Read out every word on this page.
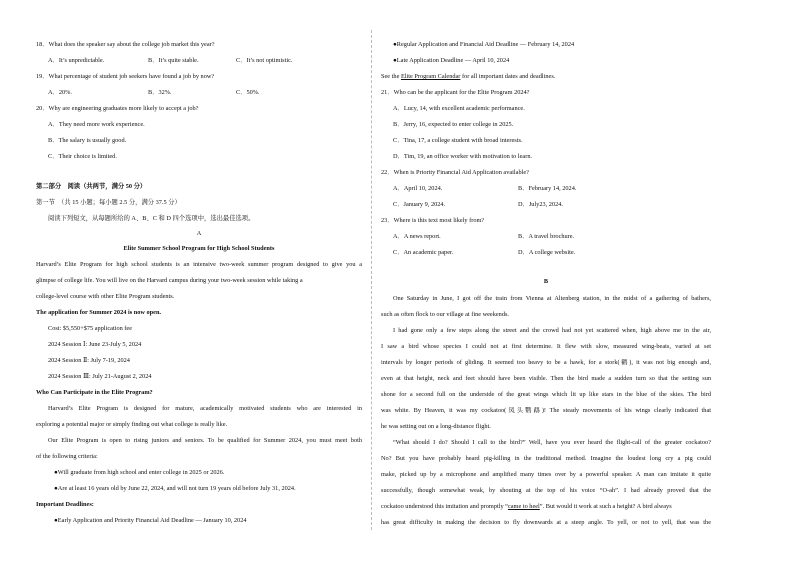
18．What does the speaker say about the college job market this year?
A．It’s unpredictable.	B．It’s quite stable.	C．It’s not optimistic.
19．What percentage of student job seekers have found a job by now?
A．20%.	B．32%.	C．50%.
20．Why are engineering graduates more likely to accept a job?
A．They need more work experience.
B．The salary is usually good.
C．Their choice is limited.
第二部分　阅读（共两节，满分 50 分）
第一节　（共 15 小题；每小题 2.5 分，满分 37.5 分）
阅读下列短文，从每题所给的 A、B、C 和 D 四个选项中，选出最佳选项。
A
Elite Summer School Program for High School Students
Harvard’s Elite Program for high school students is an intensive two-week summer program designed to give you a
glimpse of college life. You will live on the Harvard campus during your two-week session while taking a
college-level course with other Elite Program students.
The application for Summer 2024 is now open.
Cost: $5,550+$75 application fee
2024 Session Ⅰ: June 23-July 5, 2024
2024 Session Ⅱ: July 7-19, 2024
2024 Session Ⅲ: July 21-August 2, 2024
Who Can Participate in the Elite Program?
Harvard’s Elite Program is designed for mature, academically motivated students who are interested in
exploring a potential major or simply finding out what college is really like.
Our Elite Program is open to rising juniors and seniors. To be qualified for Summer 2024, you must meet both
of the following criteria:
●Will graduate from high school and enter college in 2025 or 2026.
●Are at least 16 years old by June 22, 2024, and will not turn 19 years old before July 31, 2024.
Important Deadlines:
●Early Application and Priority Financial Aid Deadline — January 10, 2024
●Regular Application and Financial Aid Deadline — February 14, 2024
●Late Application Deadline — April 10, 2024
See the Elite Program Calendar for all important dates and deadlines.
21．Who can be the applicant for the Elite Program 2024?
A．Lucy, 14, with excellent academic performance.
B．Jerry, 16, expected to enter college in 2025.
C．Tina, 17, a college student with broad interests.
D．Tim, 19, an office worker with motivation to learn.
22．When is Priority Financial Aid Application available?
A．April 10, 2024.	B．February 14, 2024.
C．January 9, 2024.	D．July23, 2024.
23．Where is this text most likely from?
A．A news report.	B．A travel brochure.
C．An academic paper.	D．A college website.
B
One Saturday in June, I got off the train from Vienna at Altenberg station, in the midst of a gathering of bathers,
such as often flock to our village at fine weekends.
I had gone only a few steps along the street and the crowd had not yet scattered when, high above me in the air,
I saw a bird whose species I could not at first determine. It flew with slow, measured wing-beats, varied at set
intervals by longer periods of gliding. It seemed too heavy to be a hawk, for a stork(鹳), it was not big enough and,
even at that height, neck and feet should have been visible. Then the bird made a sudden turn so that the setting sun
shone for a second full on the underside of the great wings which lit up like stars in the blue of the skies. The bird
was white. By Heaven, it was my cockatoo(凤头鹦鹉)! The steady movements of his wings clearly indicated that
he was setting out on a long-distance flight.
“What should I do? Should I call to the bird?” Well, have you ever heard the flight-call of the greater cockatoo?
No? But you have probably heard pig-killing in the traditional method. Imagine the loudest long cry a pig could
make, picked up by a microphone and amplified many times over by a powerful speaker. A man can imitate it quite
successfully, though somewhat weak, by shouting at the top of his voice “O-ah”. I had already proved that the
cockatoo understood this imitation and promptly “came to heel”. But would it work at such a height? A bird always
has great difficulty in making the decision to fly downwards at a steep angle. To yell, or not to yell, that was the
